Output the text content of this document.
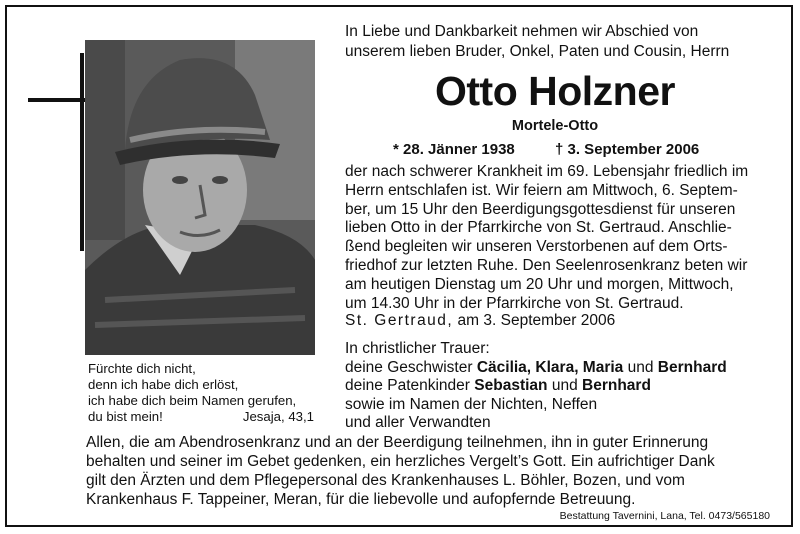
Fürchte dich nicht,
denn ich habe dich erlöst,
ich habe dich beim Namen gerufen,
du bist mein!	Jesaja, 43,1
In Liebe und Dankbarkeit nehmen wir Abschied von
unserem lieben Bruder, Onkel, Paten und Cousin, Herrn
Otto Holzner
Mortele-Otto
* 28. Jänner 1938	† 3. September 2006
der nach schwerer Krankheit im 69. Lebensjahr friedlich im
Herrn entschlafen ist. Wir feiern am Mittwoch, 6. Septem-
ber, um 15 Uhr den Beerdigungsgottesdienst für unseren
lieben Otto in der Pfarrkirche von St. Gertraud. Anschlie-
ßend begleiten wir unseren Verstorbenen auf dem Orts-
friedhof zur letzten Ruhe. Den Seelenrosenkranz beten wir
am heutigen Dienstag um 20 Uhr und morgen, Mittwoch,
um 14.30 Uhr in der Pfarrkirche von St. Gertraud.
St. Gertraud, am 3. September 2006
In christlicher Trauer:
deine Geschwister Cäcilia, Klara, Maria und Bernhard
deine Patenkinder Sebastian und Bernhard
sowie im Namen der Nichten, Neffen
und aller Verwandten
Allen, die am Abendrosenkranz und an der Beerdigung teilnehmen, ihn in guter Erinnerung
behalten und seiner im Gebet gedenken, ein herzliches Vergelt’s Gott. Ein aufrichtiger Dank
gilt den Ärzten und dem Pflegepersonal des Krankenhauses L. Böhler, Bozen, und vom
Krankenhaus F. Tappeiner, Meran, für die liebevolle und aufopfernde Betreuung.
Bestattung Tavernini, Lana, Tel. 0473/565180
